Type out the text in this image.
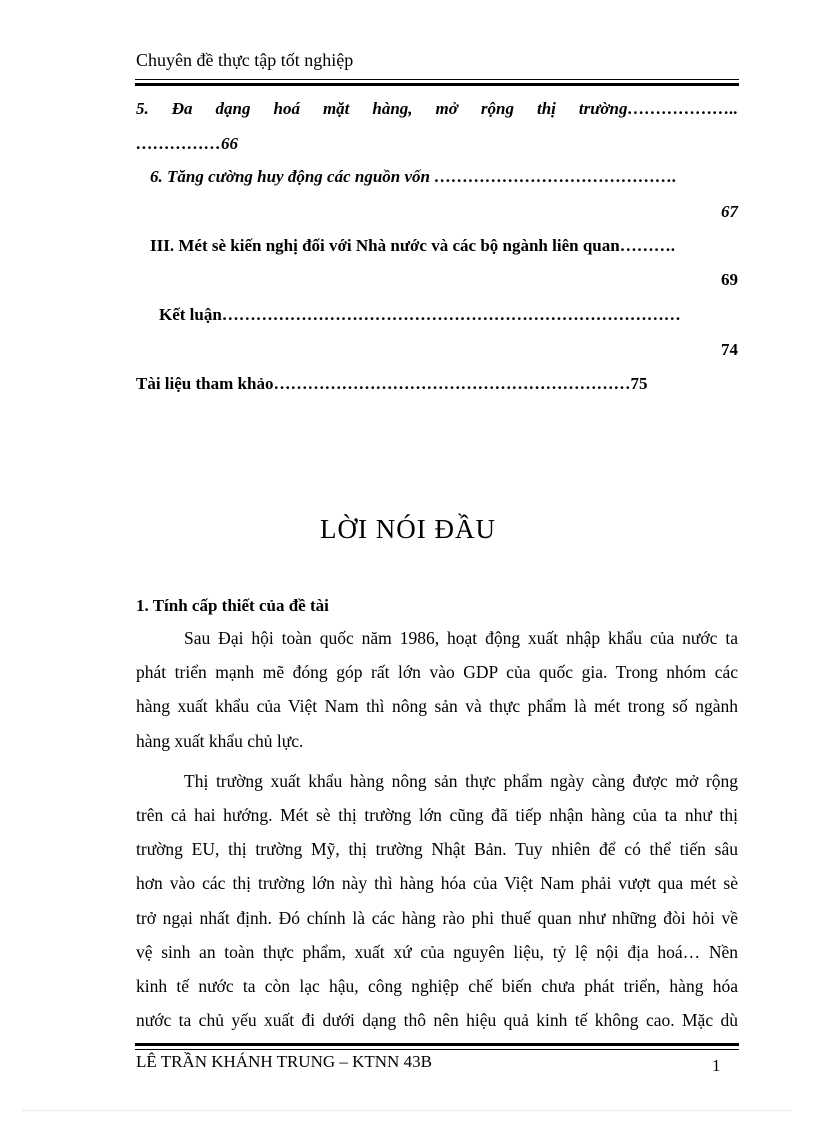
Chuyên đề thực tập tốt nghiệp
5. Đa dạng hoá mặt hàng, mở rộng thị trường………………..
……………66
6. Tăng cường huy động các nguồn vốn …………………………………….
67
III. Mét sè kiến nghị đối với Nhà nước và các bộ ngành liên quan……….
69
Kết luận………………………………………………………………………
74
Tài liệu tham khảo………………………………………………………75
LỜI NÓI ĐẦU
1. Tính cấp thiết của đề tài
Sau Đại hội toàn quốc năm 1986, hoạt động xuất nhập khẩu của nước ta
phát triển mạnh mẽ đóng góp rất lớn vào GDP của quốc gia. Trong nhóm các
hàng xuất khẩu của Việt Nam thì nông sản và thực phẩm là mét trong số ngành
hàng xuất khẩu chủ lực.
Thị trường xuất khẩu hàng nông sản thực phẩm ngày càng được mở rộng
trên cả hai hướng. Mét sè thị trường lớn cũng đã tiếp nhận hàng của ta như thị
trường EU, thị trường Mỹ, thị trường Nhật Bản. Tuy nhiên để có thể tiến sâu
hơn vào các thị trường lớn này thì hàng hóa của Việt Nam phải vượt qua mét sè
trở ngại nhất định. Đó chính là các hàng rào phi thuế quan như những đòi hỏi về
vệ sinh an toàn thực phẩm, xuất xứ của nguyên liệu, tỷ lệ nội địa hoá… Nền
kinh tế nước ta còn lạc hậu, công nghiệp chế biến chưa phát triển, hàng hóa
nước ta chủ yếu xuất đi dưới dạng thô nên hiệu quả kinh tế không cao. Mặc dù
LÊ TRẦN KHÁNH TRUNG – KTNN 43B	1
